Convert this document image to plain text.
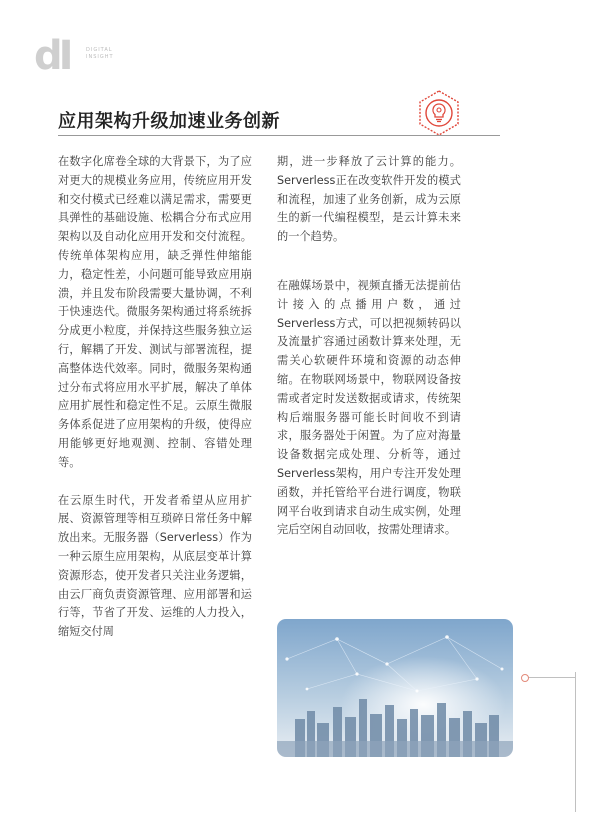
dI	DIGITAL
INSIGHT
应用架构升级加速业务创新

在数字化席卷全球的大背景下，为了应对更大的规模业务应用，传统应用开发和交付模式已经难以满足需求，需要更具弹性的基础设施、松耦合分布式应用架构以及自动化应用开发和交付流程。传统单体架构应用，缺乏弹性伸缩能力，稳定性差，小问题可能导致应用崩溃，并且发布阶段需要大量协调，不利于快速迭代。微服务架构通过将系统拆分成更小粒度，并保持这些服务独立运行，解耦了开发、测试与部署流程，提高整体迭代效率。同时，微服务架构通过分布式将应用水平扩展，解决了单体应用扩展性和稳定性不足。云原生微服务体系促进了应用架构的升级，使得应用能够更好地观测、控制、容错处理等。

在云原生时代，开发者希望从应用扩展、资源管理等相互琐碎日常任务中解放出来。无服务器（Serverless）作为一种云原生应用架构，从底层变革计算资源形态，使开发者只关注业务逻辑，由云厂商负责资源管理、应用部署和运行等，节省了开发、运维的人力投入，缩短交付周

期，进一步释放了云计算的能力。Serverless正在改变软件开发的模式和流程，加速了业务创新，成为云原生的新一代编程模型，是云计算未来的一个趋势。

在融媒场景中，视频直播无法提前估计接入的点播用户数，通过Serverless方式，可以把视频转码以及流量扩容通过函数计算来处理，无需关心软硬件环境和资源的动态伸缩。在物联网场景中，物联网设备按需或者定时发送数据或请求，传统架构后端服务器可能长时间收不到请求，服务器处于闲置。为了应对海量设备数据完成处理、分析等，通过Serverless架构，用户专注开发处理函数，并托管给平台进行调度，物联网平台收到请求自动生成实例，处理完后空闲自动回收，按需处理请求。
